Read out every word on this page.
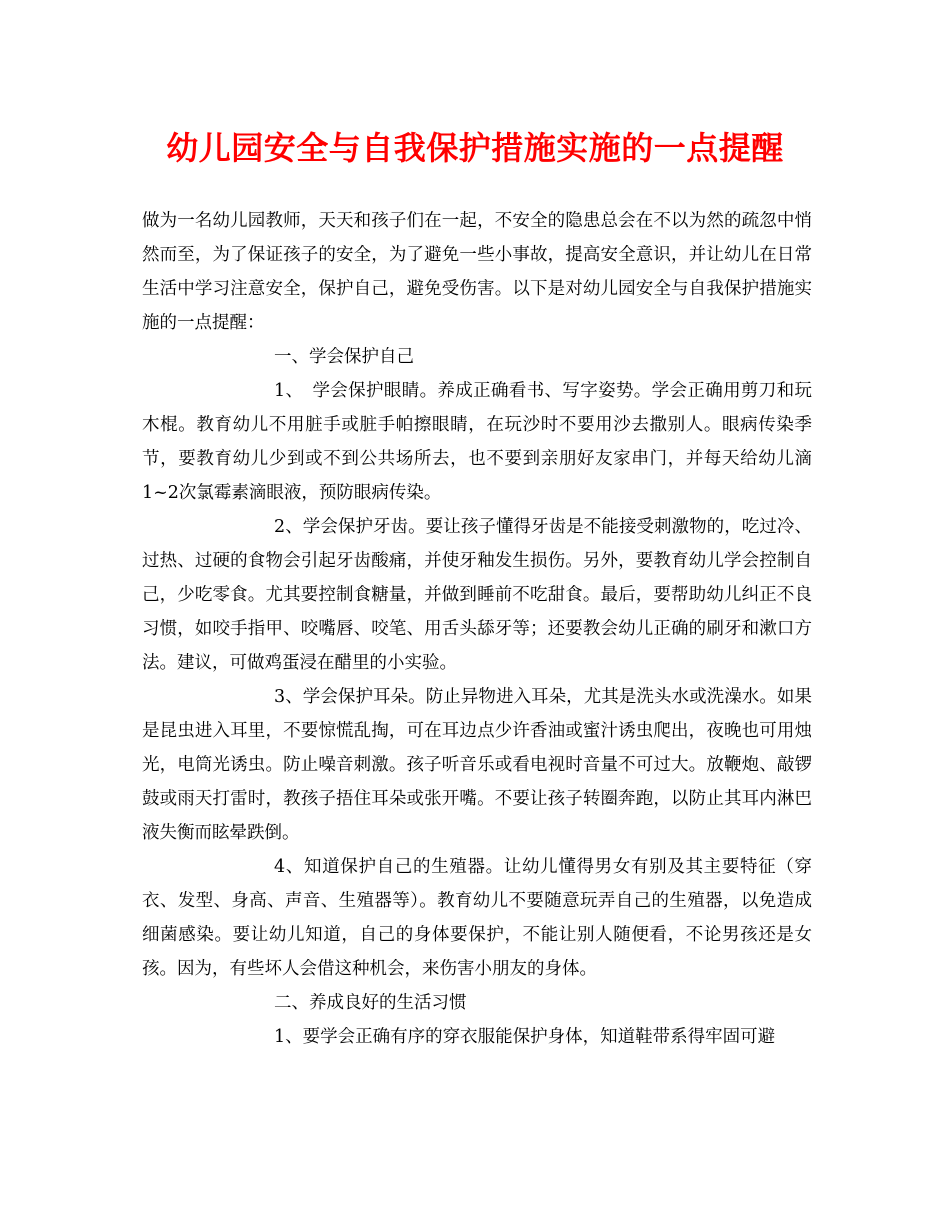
幼儿园安全与自我保护措施实施的一点提醒

做为一名幼儿园教师，天天和孩子们在一起，不安全的隐患总会在不以为然的疏忽中悄然而至，为了保证孩子的安全，为了避免一些小事故，提高安全意识，并让幼儿在日常生活中学习注意安全，保护自己，避免受伤害。以下是对幼儿园安全与自我保护措施实施的一点提醒：

一、学会保护自己

1、　学会保护眼睛。养成正确看书、写字姿势。学会正确用剪刀和玩木棍。教育幼儿不用脏手或脏手帕擦眼睛，在玩沙时不要用沙去撒别人。眼病传染季节，要教育幼儿少到或不到公共场所去，也不要到亲朋好友家串门，并每天给幼儿滴1~2次氯霉素滴眼液，预防眼病传染。

2、学会保护牙齿。要让孩子懂得牙齿是不能接受刺激物的，吃过冷、过热、过硬的食物会引起牙齿酸痛，并使牙釉发生损伤。另外，要教育幼儿学会控制自己，少吃零食。尤其要控制食糖量，并做到睡前不吃甜食。最后，要帮助幼儿纠正不良习惯，如咬手指甲、咬嘴唇、咬笔、用舌头舔牙等；还要教会幼儿正确的刷牙和漱口方法。建议，可做鸡蛋浸在醋里的小实验。

3、学会保护耳朵。防止异物进入耳朵，尤其是洗头水或洗澡水。如果是昆虫进入耳里，不要惊慌乱掏，可在耳边点少许香油或蜜汁诱虫爬出，夜晚也可用烛光，电筒光诱虫。防止噪音刺激。孩子听音乐或看电视时音量不可过大。放鞭炮、敲锣鼓或雨天打雷时，教孩子捂住耳朵或张开嘴。不要让孩子转圈奔跑，以防止其耳内淋巴液失衡而眩晕跌倒。

4、知道保护自己的生殖器。让幼儿懂得男女有别及其主要特征（穿衣、发型、身高、声音、生殖器等）。教育幼儿不要随意玩弄自己的生殖器，以免造成细菌感染。要让幼儿知道，自己的身体要保护，不能让别人随便看，不论男孩还是女孩。因为，有些坏人会借这种机会，来伤害小朋友的身体。

二、养成良好的生活习惯

1、要学会正确有序的穿衣服能保护身体，知道鞋带系得牢固可避
